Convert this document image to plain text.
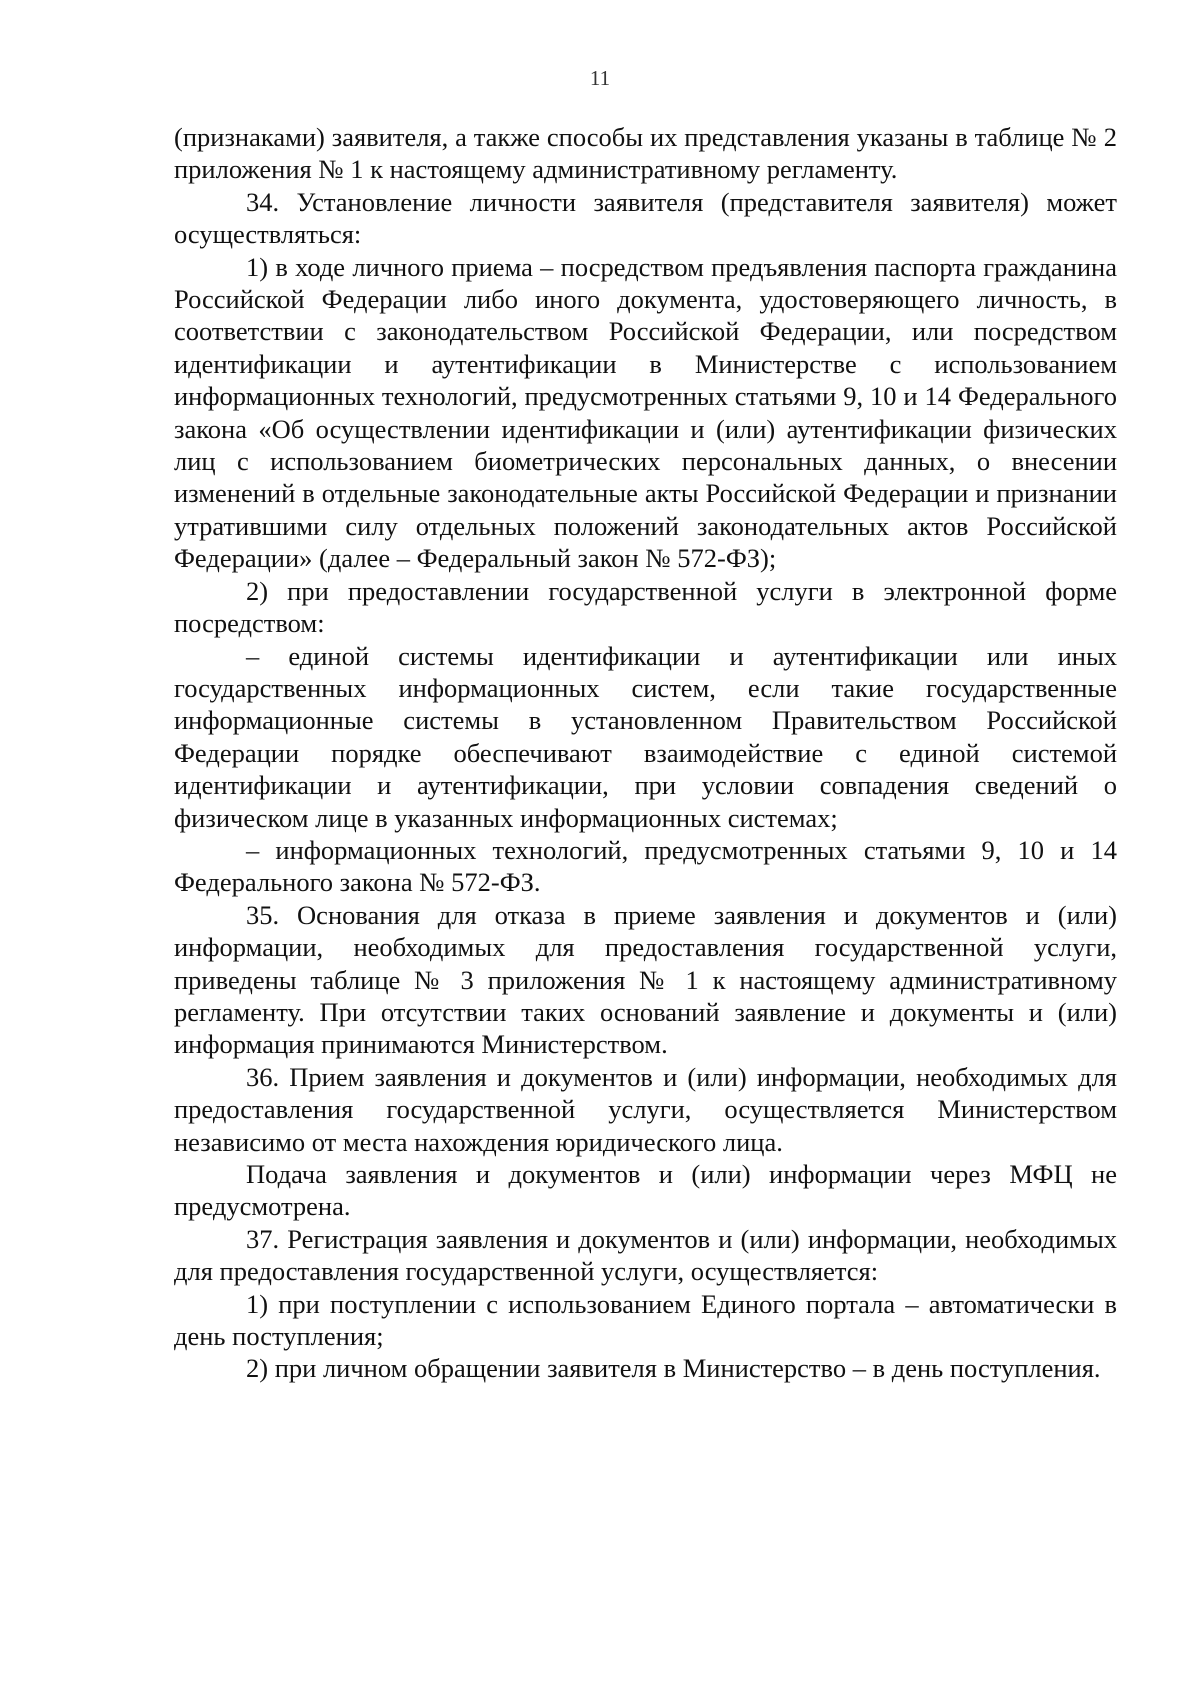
11

(признаками) заявителя, а также способы их представления указаны в таблице № 2 приложения № 1 к настоящему административному регламенту.

34. Установление личности заявителя (представителя заявителя) может осуществляться:

1) в ходе личного приема – посредством предъявления паспорта гражданина Российской Федерации либо иного документа, удостоверяющего личность, в соответствии с законодательством Российской Федерации, или посредством идентификации и аутентификации в Министерстве с использованием информационных технологий, предусмотренных статьями 9, 10 и 14 Федерального закона «Об осуществлении идентификации и (или) аутентификации физических лиц с использованием биометрических персональных данных, о внесении изменений в отдельные законодательные акты Российской Федерации и признании утратившими силу отдельных положений законодательных актов Российской Федерации» (далее – Федеральный закон № 572-ФЗ);

2) при предоставлении государственной услуги в электронной форме посредством:

– единой системы идентификации и аутентификации или иных государственных информационных систем, если такие государственные информационные системы в установленном Правительством Российской Федерации порядке обеспечивают взаимодействие с единой системой идентификации и аутентификации, при условии совпадения сведений о физическом лице в указанных информационных системах;

– информационных технологий, предусмотренных статьями 9, 10 и 14 Федерального закона № 572-ФЗ.

35. Основания для отказа в приеме заявления и документов и (или) информации, необходимых для предоставления государственной услуги, приведены таблице № 3 приложения № 1 к настоящему административному регламенту. При отсутствии таких оснований заявление и документы и (или) информация принимаются Министерством.

36. Прием заявления и документов и (или) информации, необходимых для предоставления государственной услуги, осуществляется Министерством независимо от места нахождения юридического лица.

Подача заявления и документов и (или) информации через МФЦ не предусмотрена.

37. Регистрация заявления и документов и (или) информации, необходимых для предоставления государственной услуги, осуществляется:

1) при поступлении с использованием Единого портала – автоматически в день поступления;

2) при личном обращении заявителя в Министерство – в день поступления.
